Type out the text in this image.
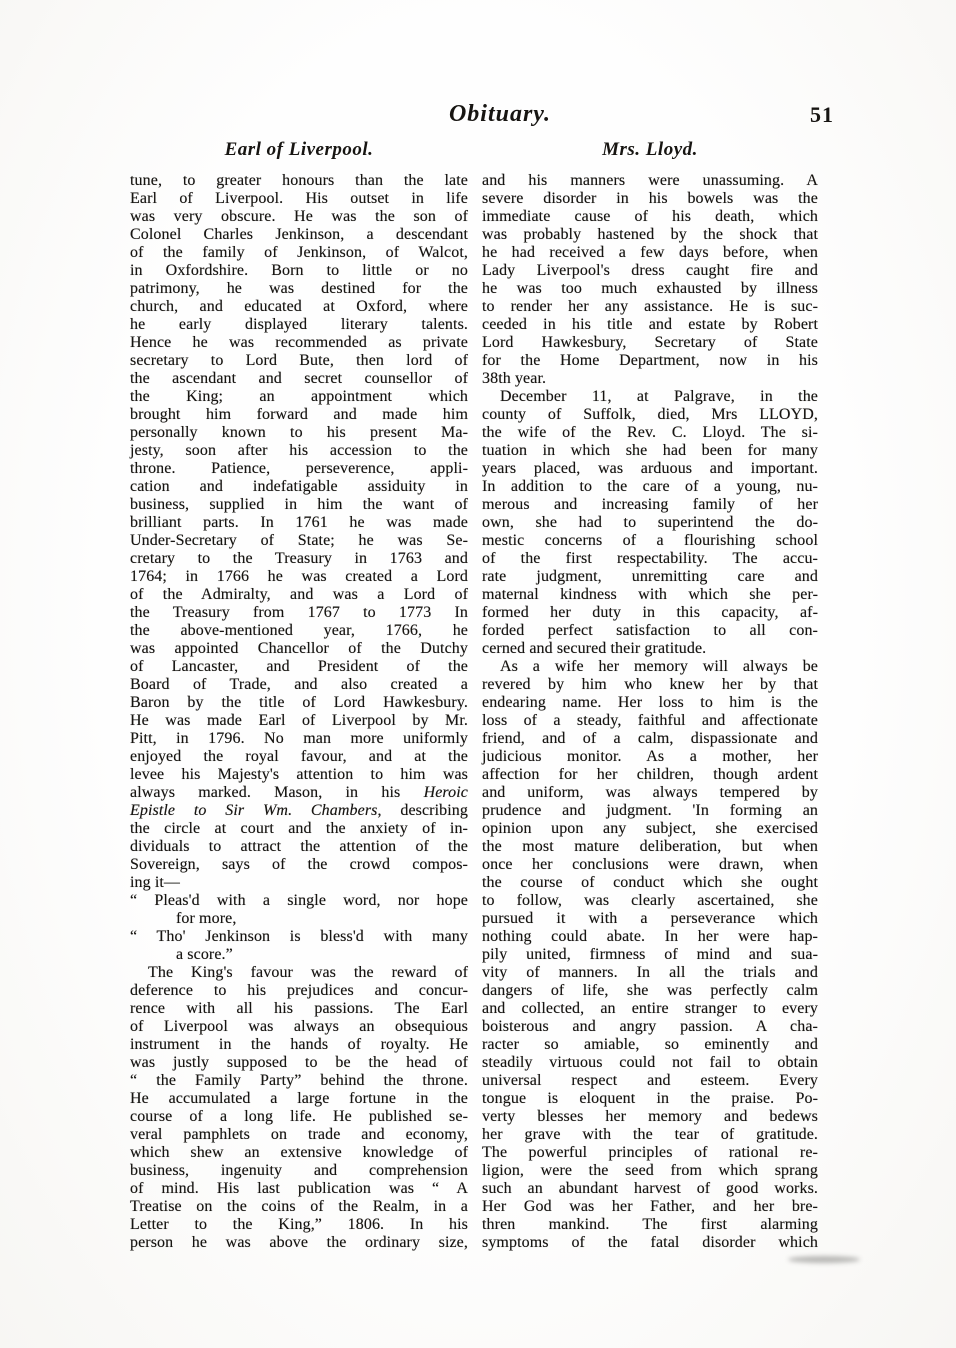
Obituary.	51
Earl of Liverpool.
tune, to greater honours than the late
Earl of Liverpool. His outset in life
was very obscure. He was the son of
Colonel Charles Jenkinson, a descendant
of the family of Jenkinson, of Walcot,
in Oxfordshire. Born to little or no
patrimony, he was destined for the
church, and educated at Oxford, where
he early displayed literary talents.
Hence he was recommended as private
secretary to Lord Bute, then lord of
the ascendant and secret counsellor of
the King; an appointment which
brought him forward and made him
personally known to his present Ma-
jesty, soon after his accession to the
throne. Patience, perseverence, appli-
cation and indefatigable assiduity in
business, supplied in him the want of
brilliant parts. In 1761 he was made
Under-Secretary of State; he was Se-
cretary to the Treasury in 1763 and
1764; in 1766 he was created a Lord
of the Admiralty, and was a Lord of
the Treasury from 1767 to 1773 In
the above-mentioned year, 1766, he
was appointed Chancellor of the Dutchy
of Lancaster, and President of the
Board of Trade, and also created a
Baron by the title of Lord Hawkesbury.
He was made Earl of Liverpool by Mr.
Pitt, in 1796. No man more uniformly
enjoyed the royal favour, and at the
levee his Majesty's attention to him was
always marked. Mason, in his Heroic
Epistle to Sir Wm. Chambers, describing
the circle at court and the anxiety of in-
dividuals to attract the attention of the
Sovereign, says of the crowd compos-
ing it—
“ Pleas'd with a single word, nor hope
for more,
“ Tho' Jenkinson is bless'd with many
a score.”
The King's favour was the reward of
deference to his prejudices and concur-
rence with all his passions. The Earl
of Liverpool was always an obsequious
instrument in the hands of royalty. He
was justly supposed to be the head of
“ the Family Party” behind the throne.
He accumulated a large fortune in the
course of a long life. He published se-
veral pamphlets on trade and economy,
which shew an extensive knowledge of
business, ingenuity and comprehension
of mind. His last publication was “ A
Treatise on the coins of the Realm, in a
Letter to the King,” 1806. In his
person he was above the ordinary size,
Mrs. Lloyd.
and his manners were unassuming. A
severe disorder in his bowels was the
immediate cause of his death, which
was probably hastened by the shock that
he had received a few days before, when
Lady Liverpool's dress caught fire and
he was too much exhausted by illness
to render her any assistance. He is suc-
ceeded in his title and estate by Robert
Lord Hawkesbury, Secretary of State
for the Home Department, now in his
38th year.
December 11, at Palgrave, in the
county of Suffolk, died, Mrs LLOYD,
the wife of the Rev. C. Lloyd. The si-
tuation in which she had been for many
years placed, was arduous and important.
In addition to the care of a young, nu-
merous and increasing family of her
own, she had to superintend the do-
mestic concerns of a flourishing school
of the first respectability. The accu-
rate judgment, unremitting care and
maternal kindness with which she per-
formed her duty in this capacity, af-
forded perfect satisfaction to all con-
cerned and secured their gratitude.
As a wife her memory will always be
revered by him who knew her by that
endearing name. Her loss to him is the
loss of a steady, faithful and affectionate
friend, and of a calm, dispassionate and
judicious monitor. As a mother, her
affection for her children, though ardent
and uniform, was always tempered by
prudence and judgment. 'In forming an
opinion upon any subject, she exercised
the most mature deliberation, but when
once her conclusions were drawn, when
the course of conduct which she ought
to follow, was clearly ascertained, she
pursued it with a perseverance which
nothing could abate. In her were hap-
pily united, firmness of mind and sua-
vity of manners. In all the trials and
dangers of life, she was perfectly calm
and collected, an entire stranger to every
boisterous and angry passion. A cha-
racter so amiable, so eminently and
steadily virtuous could not fail to obtain
universal respect and esteem. Every
tongue is eloquent in the praise. Po-
verty blesses her memory and bedews
her grave with the tear of gratitude.
The powerful principles of rational re-
ligion, were the seed from which sprang
such an abundant harvest of good works.
Her God was her Father, and her bre-
thren mankind. The first alarming
symptoms of the fatal disorder which
